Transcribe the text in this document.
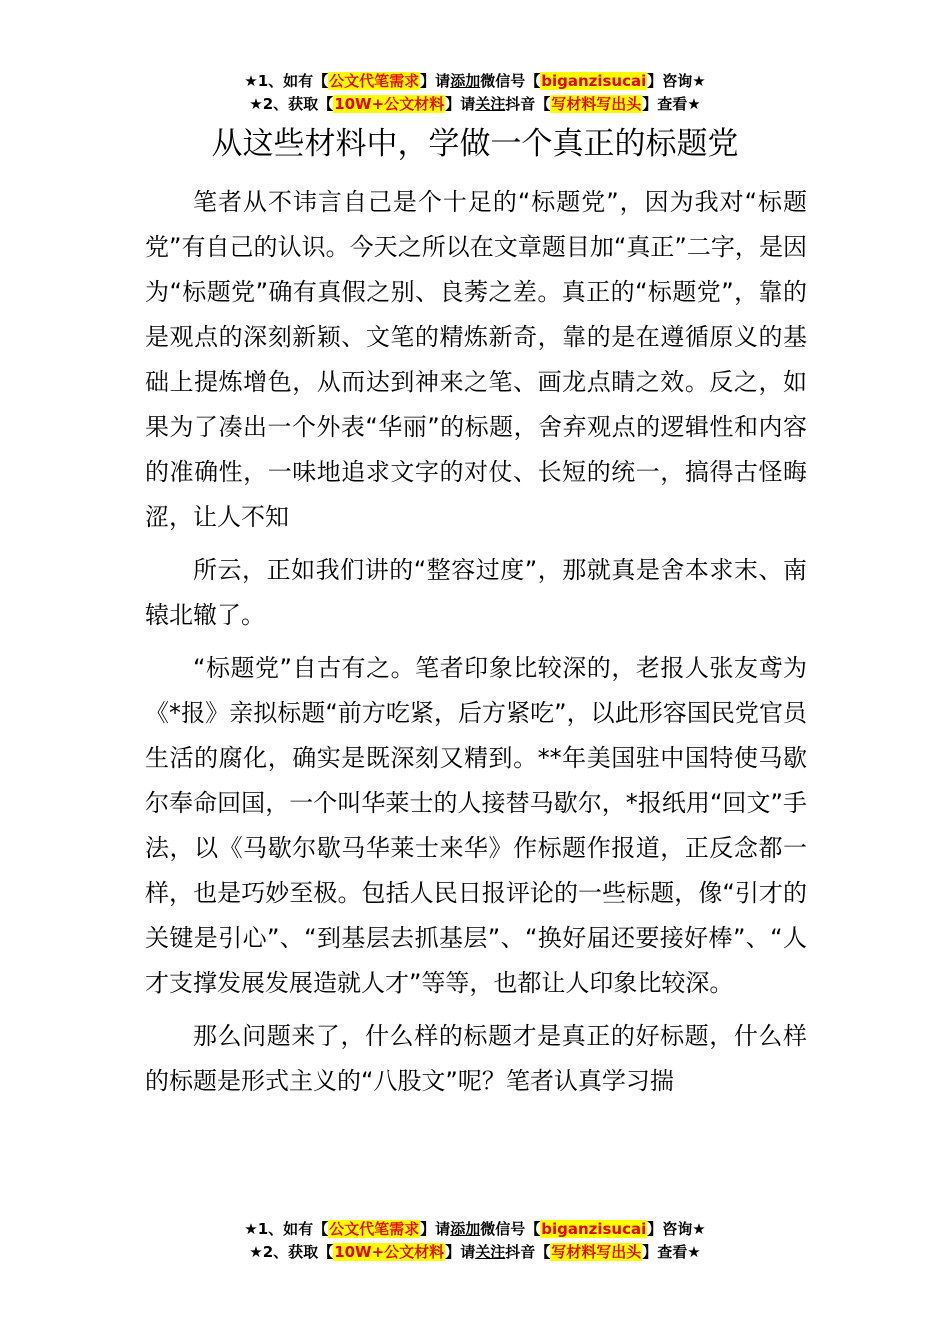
★1、如有【公文代笔需求】请添加微信号【biganzisucai】咨询★
★2、获取【10W+公文材料】请关注抖音【写材料写出头】查看★
从这些材料中，学做一个真正的标题党

笔者从不讳言自己是个十足的“标题党”，因为我对“标题党”有自己的认识。今天之所以在文章题目加“真正”二字，是因为“标题党”确有真假之别、良莠之差。真正的“标题党”，靠的是观点的深刻新颖、文笔的精炼新奇，靠的是在遵循原义的基础上提炼增色，从而达到神来之笔、画龙点睛之效。反之，如果为了凑出一个外表“华丽”的标题，舍弃观点的逻辑性和内容的准确性，一味地追求文字的对仗、长短的统一，搞得古怪晦涩，让人不知

所云，正如我们讲的“整容过度”，那就真是舍本求末、南辕北辙了。

“标题党”自古有之。笔者印象比较深的，老报人张友鸢为《*报》亲拟标题“前方吃紧，后方紧吃”，以此形容国民党官员生活的腐化，确实是既深刻又精到。**年美国驻中国特使马歇尔奉命回国，一个叫华莱士的人接替马歇尔，*报纸用“回文”手法，以《马歇尔歇马华莱士来华》作标题作报道，正反念都一样，也是巧妙至极。包括人民日报评论的一些标题，像“引才的关键是引心”、“到基层去抓基层”、“换好届还要接好棒”、“人才支撑发展发展造就人才”等等，也都让人印象比较深。

那么问题来了，什么样的标题才是真正的好标题，什么样的标题是形式主义的“八股文”呢？笔者认真学习揣

★1、如有【公文代笔需求】请添加微信号【biganzisucai】咨询★
★2、获取【10W+公文材料】请关注抖音【写材料写出头】查看★
